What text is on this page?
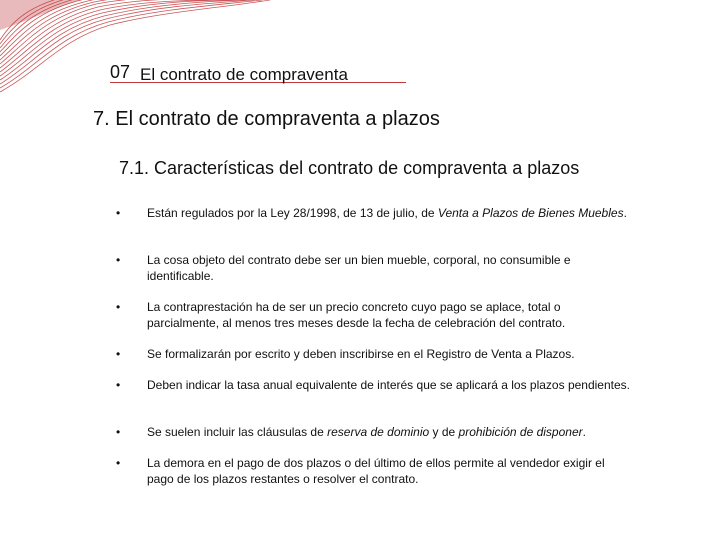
07 El contrato de compraventa
7. El contrato de compraventa a plazos
7.1. Características del contrato de compraventa a plazos
• Están regulados por la Ley 28/1998, de 13 de julio, de Venta a Plazos de Bienes Muebles.
• La cosa objeto del contrato debe ser un bien mueble, corporal, no consumible e identificable.
• La contraprestación ha de ser un precio concreto cuyo pago se aplace, total o parcialmente, al menos tres meses desde la fecha de celebración del contrato.
• Se formalizarán por escrito y deben inscribirse en el Registro de Venta a Plazos.
• Deben indicar la tasa anual equivalente de interés que se aplicará a los plazos pendientes.
• Se suelen incluir las cláusulas de reserva de dominio y de prohibición de disponer.
• La demora en el pago de dos plazos o del último de ellos permite al vendedor exigir el pago de los plazos restantes o resolver el contrato.
